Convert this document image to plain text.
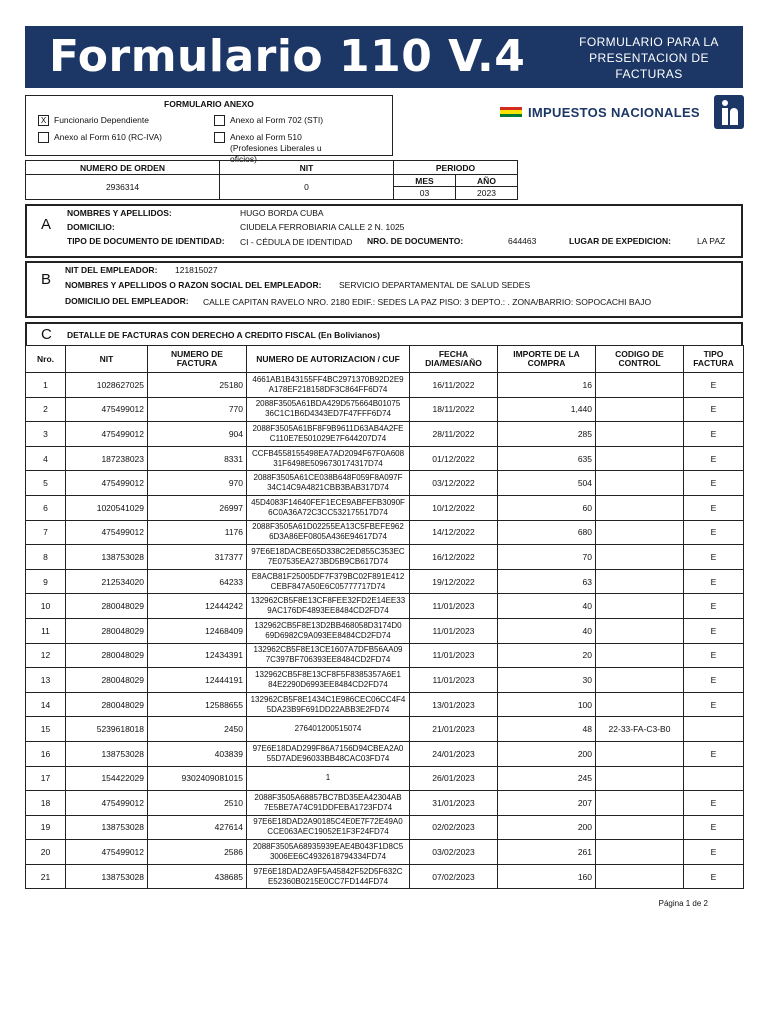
Formulario 110 V.4	FORMULARIO PARA LA
PRESENTACION DE
FACTURAS
FORMULARIO ANEXO
X Funcionario Dependiente	Anexo al Form 702 (STI)
Anexo al Form 610 (RC-IVA)	Anexo al Form 510 (Profesiones Liberales u oficios)
IMPUESTOS NACIONALES
NUMERO DE ORDEN	NIT	PERIODO	
2936314	0	MES	AÑO
		03	2023
A
NOMBRES Y APELLIDOS:	HUGO BORDA CUBA
DOMICILIO:	CIUDELA FERROBIARIA CALLE 2 N. 1025
TIPO DE DOCUMENTO DE IDENTIDAD: CI - CÉDULA DE IDENTIDAD NRO. DE DOCUMENTO:	644463	LUGAR DE EXPEDICION:	LA PAZ
B
NIT DEL EMPLEADOR: 121815027
NOMBRES Y APELLIDOS O RAZON SOCIAL DEL EMPLEADOR: SERVICIO DEPARTAMENTAL DE SALUD SEDES
DOMICILIO DEL EMPLEADOR: CALLE CAPITAN RAVELO NRO. 2180 EDIF.: SEDES LA PAZ PISO: 3 DEPTO.: . ZONA/BARRIO: SOPOCACHI BAJO
C DETALLE DE FACTURAS CON DERECHO A CREDITO FISCAL (En Bolivianos)
Nro.	NIT	NUMERO DE FACTURA	NUMERO DE AUTORIZACION / CUF	FECHA DIA/MES/AÑO	IMPORTE DE LA COMPRA	CODIGO DE CONTROL	TIPO FACTURA
1	1028627025	25180	4661AB1B43155FF4BC2971370B92D2E9
A178EF218158DF3C864FF6D74	16/11/2022	16		E
2	475499012	770	2088F3505A61BDA429D575664B01075
36C1C1B6D4343ED7F47FFF6D74	18/11/2022	1,440		E
3	475499012	904	2088F3505A61BF8F9B9611D63AB4A2FE
C110E7E501029E7F644207D74	28/11/2022	285		E
4	187238023	8331	CCFB4558155498EA7AD2094F67F0A608
31F6498E5096730174317D74	01/12/2022	635		E
5	475499012	970	2088F3505A61CE038B648F059F8A097F
34C14C9A4821CBB3BAB317D74	03/12/2022	504		E
6	1020541029	26997	45D4083F14640FEF1ECE9ABFEFB3090F
6C0A36A72C3CC532175517D74	10/12/2022	60		E
7	475499012	1176	2088F3505A61D02255EA13C5FBEFE962
6D3A86EF0805A436E94617D74	14/12/2022	680		E
8	138753028	317377	97E6E18DACBE65D338C2ED855C353EC
7E07535EA273BD5B9CB617D74	16/12/2022	70		E
9	212534020	64233	E8ACB81F25005DF7F379BC02F891E412
CEBF847A50E6C05777717D74	19/12/2022	63		E
10	280048029	12444242	132962CB5F8E13CF8FEE32FD2E14EE33
9AC176DF4893EE8484CD2FD74	11/01/2023	40		E
11	280048029	12468409	132962CB5F8E13D2BB468058D3174D0
69D6982C9A093EE8484CD2FD74	11/01/2023	40		E
12	280048029	12434391	132962CB5F8E13CE1607A7DFB56AA09
7C397BF706393EE8484CD2FD74	11/01/2023	20		E
13	280048029	12444191	132962CB5F8E13CF8F5F8385357A6E1
84E2290D6993EE8484CD2FD74	11/01/2023	30		E
14	280048029	12588655	132962CB5F8E1434C1E986CEC06CC4F4
5DA23B9F691DD22ABB3E2FD74	13/01/2023	100		E
15	5239618018	2450	276401200515074	21/01/2023	48	22-33-FA-C3-B0	
16	138753028	403839	97E6E18DAD299F86A7156D94CBEA2A0
55D7ADE96033BB48CAC03FD74	24/01/2023	200		E
17	154422029	9302409081015	1	26/01/2023	245		
18	475499012	2510	2088F3505A68857BC7BD35EA42304AB
7E5BE7A74C91DDFEBA1723FD74	31/01/2023	207		E
19	138753028	427614	97E6E18DAD2A90185C4E0E7F72E49A0
CCE063AEC19052E1F3F24FD74	02/02/2023	200		E
20	475499012	2586	2088F3505A68935939EAE4B043F1D8C5
3006EE6C4932618794334FD74	03/02/2023	261		E
21	138753028	438685	97E6E18DAD2A9F5A45842F52D5F632C
E52360B0215E0CC7FD144FD74	07/02/2023	160		E
Página 1 de 2
